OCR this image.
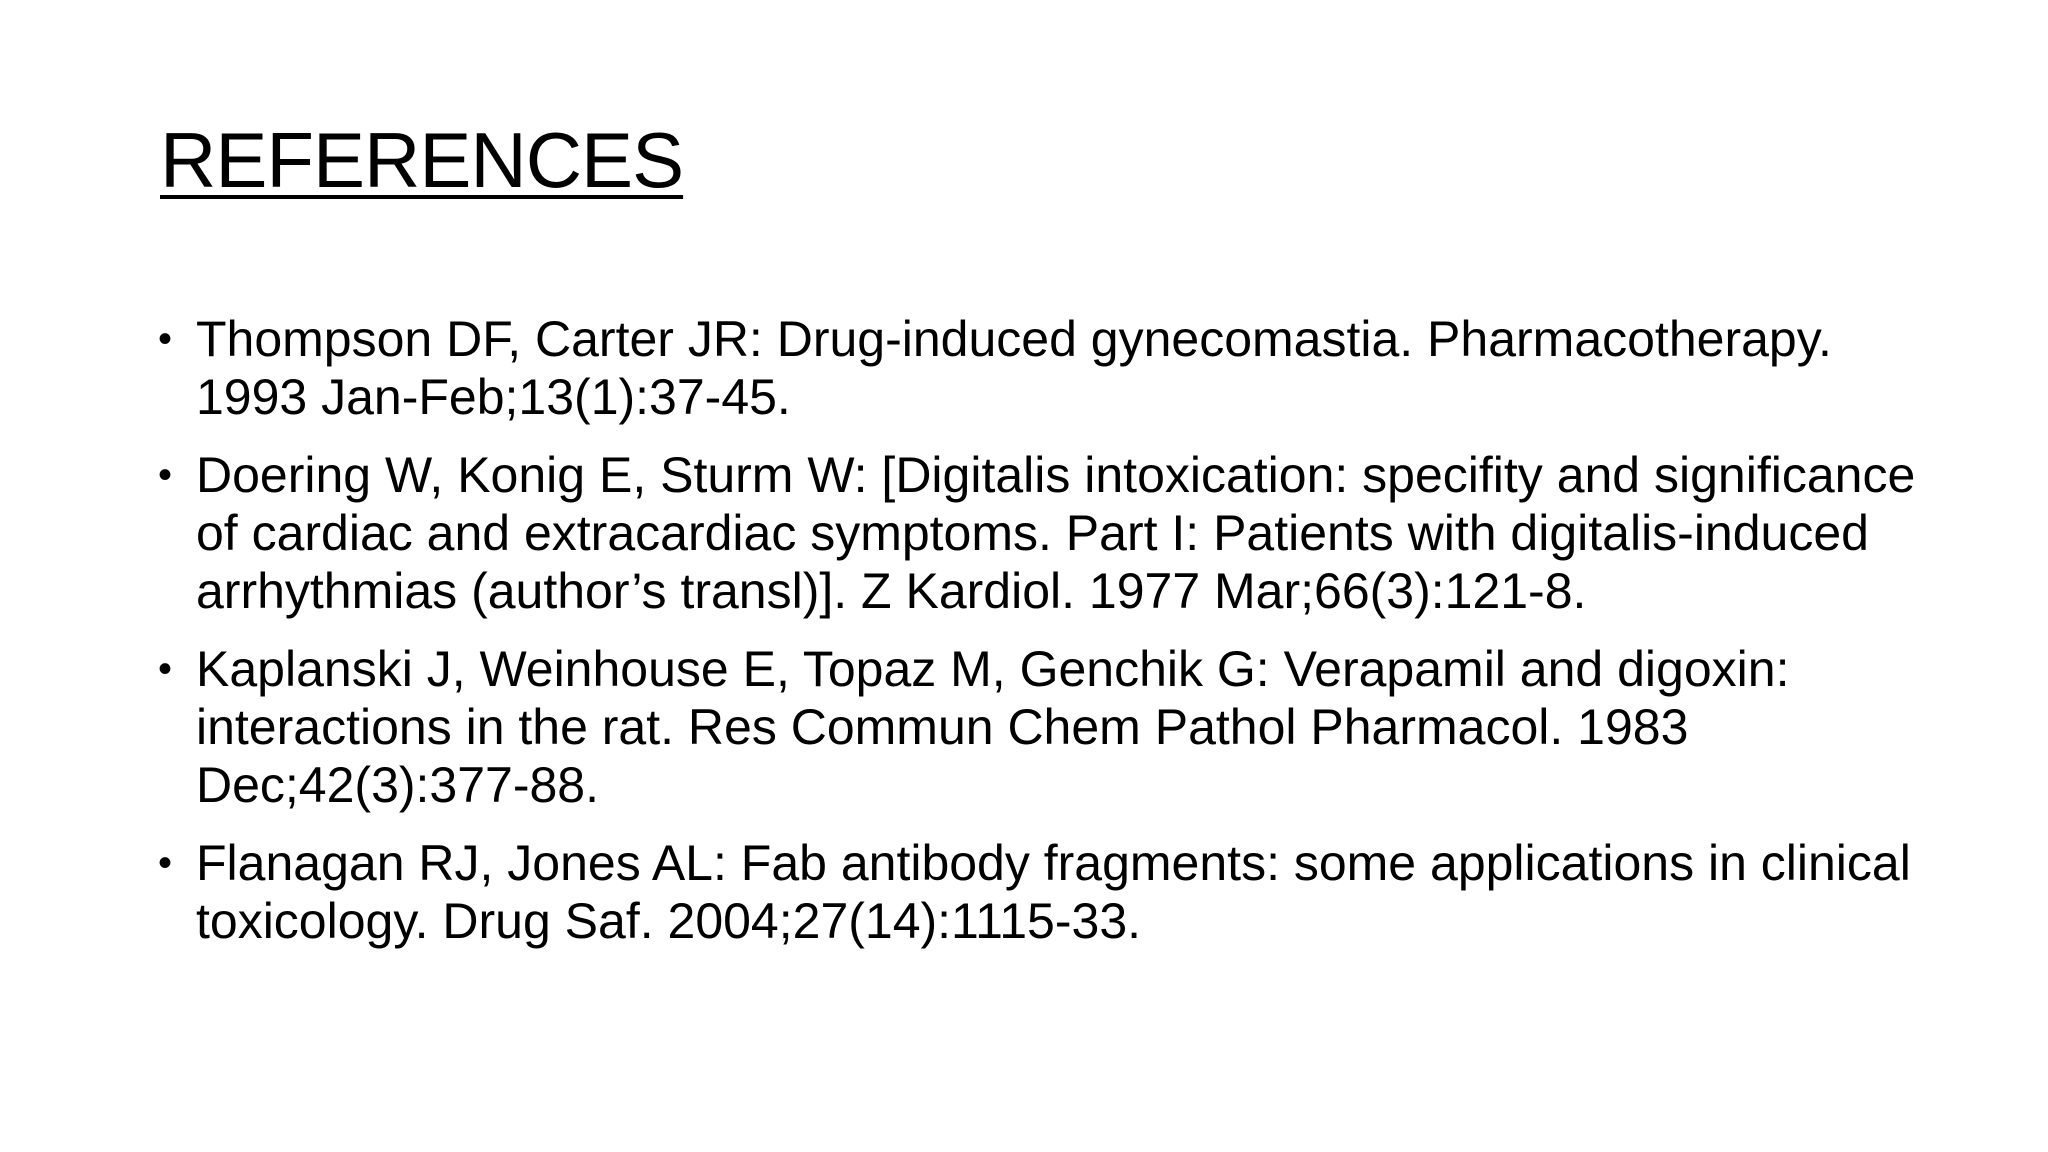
REFERENCES
• Thompson DF, Carter JR: Drug-induced gynecomastia. Pharmacotherapy. 1993 Jan-Feb;13(1):37-45.
• Doering W, Konig E, Sturm W: [Digitalis intoxication: specifity and significance of cardiac and extracardiac symptoms. Part I: Patients with digitalis-induced arrhythmias (author’s transl)]. Z Kardiol. 1977 Mar;66(3):121-8.
• Kaplanski J, Weinhouse E, Topaz M, Genchik G: Verapamil and digoxin: interactions in the rat. Res Commun Chem Pathol Pharmacol. 1983 Dec;42(3):377-88.
• Flanagan RJ, Jones AL: Fab antibody fragments: some applications in clinical toxicology. Drug Saf. 2004;27(14):1115-33.
